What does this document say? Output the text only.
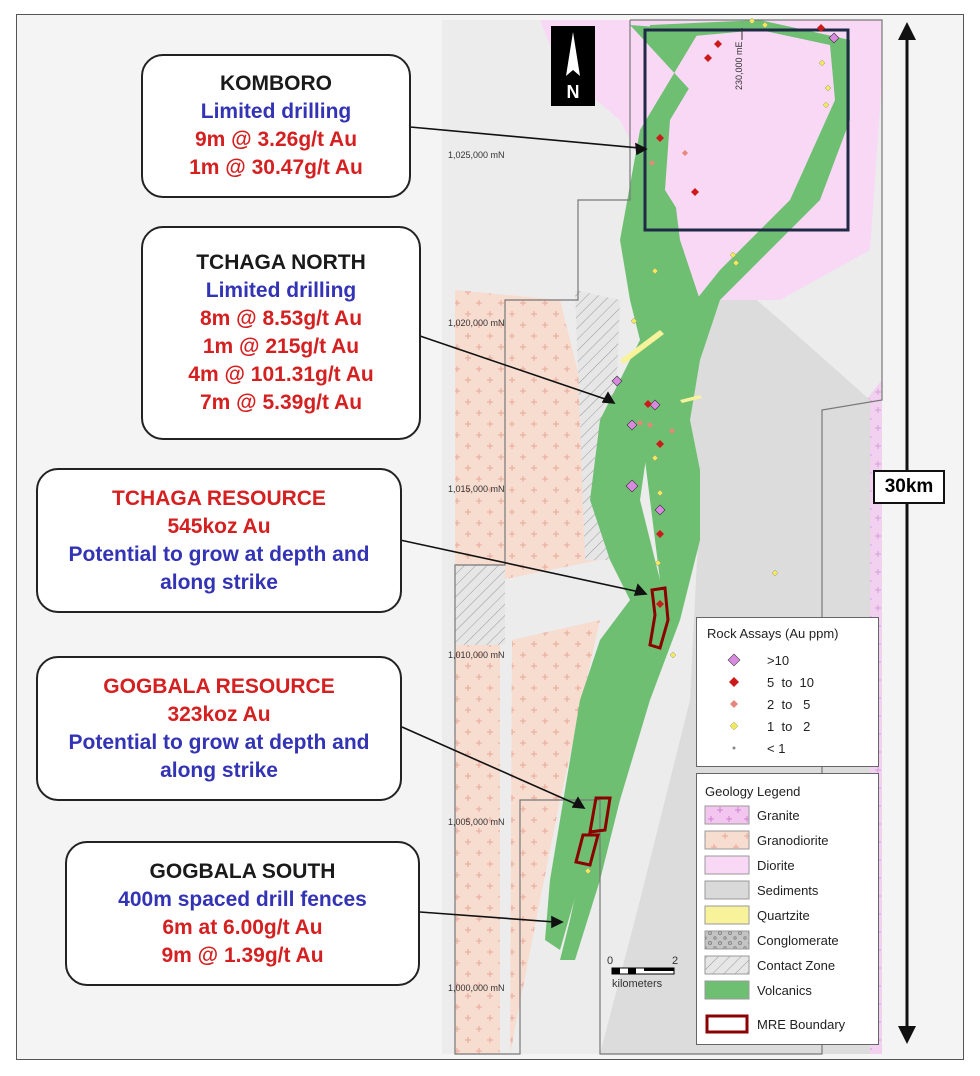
1,025,000 mN
1,020,000 mN
1,015,000 mN
1,010,000 mN
1,005,000 mN
1,000,000 mN
230,000 mE
N
30km
0	2
kilometers
KOMBORO
Limited drilling
9m @ 3.26g/t Au
1m @ 30.47g/t Au
TCHAGA NORTH
Limited drilling
8m @ 8.53g/t Au
1m @ 215g/t Au
4m @ 101.31g/t Au
7m @ 5.39g/t Au
TCHAGA RESOURCE
545koz Au
Potential to grow at depth and
along strike
GOGBALA RESOURCE
323koz Au
Potential to grow at depth and
along strike
GOGBALA SOUTH
400m spaced drill fences
6m at 6.00g/t Au
9m @ 1.39g/t Au
Rock Assays (Au ppm)
>10
5  to  10
2  to   5
1  to   2
< 1
Geology Legend
Granite
Granodiorite
Diorite
Sediments
Quartzite
Conglomerate
Contact Zone
Volcanics
MRE Boundary
